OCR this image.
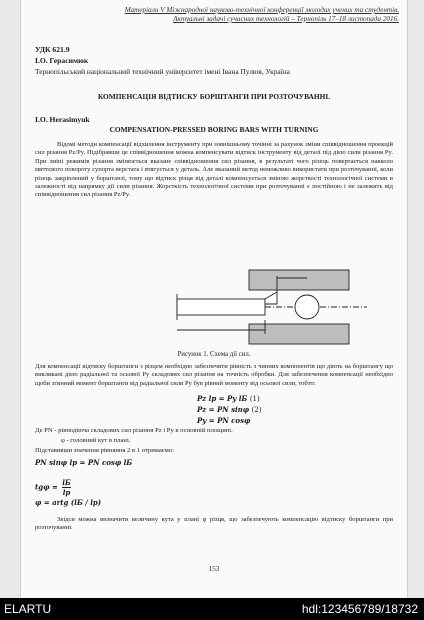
Матеріали V Міжнародної науково-технічної конференції молодих учених та студентів.
Актуальні задачі сучасних технологій – Тернопіль 17–18 листопада 2016.
УДК 621.9
І.О. Герасимюк
Тернопільський національний технічний університет імені Івана Пулюя, Україна
КОМПЕНСАЦІЯ ВІДТИСКУ БОРШТАНГИ ПРИ РОЗТОЧУВАННІ.
I.O. Herasimyuk
COMPENSATION-PRESSED BORING BARS WITH TURNING
Відомі методи компенсації відхилення інструменту при зовнішньому точінні за рахунок зміни співвідношення проекцій сил різання Pz/Py. Підібравши це співвідношення можна компенсувати відтиск інструменту від деталі під дією сили різання Py. При зміні режимів різання змінюється вказане співвідношення сил різання, в результаті чого різець повертається навколо миттєвого повороту супорта верстата і втягується у деталь. Але вказаний метод неможливо використати при розточуванні, коли різець закріплений у борштанзі, тому що відтиск різця від деталі компенсується зміною жорсткості технологічної системи в залежності від напрямку дії сили різання. Жорсткість технологічної системи при розточуванні є постійною і не залежить від співвідношення сил різання Pz/Py.
Рисунок 1. Схема дії сил.
Для компенсації відтиску борштанги з різцем необхідно забезпечити рівність з чинних компонентів що діють на борштангу що викликані дією радіальної та осьової Py складових сил різання на точність обробки. Для забезпечення компенсації необхідно щоби згинний момент борштанги від радіальної сили Py був рівний моменту від осьової сили, тобто:
Pz lp = Py lБ (1)
Pz = PN sinφ (2)
Py = PN cosφ
Де PN - рівнодіюча складових сил різання Pz і Py в основній площині.
φ - головний кут в плані.
Підставивши значення рівняння 2 в 1 отримаємо:
PN sinφ lp = PN cosφ lБ
tgφ = lБ
lp
φ = artg (lБ / lp)
Звідси можна визначити величину кута у плані φ різця, що забезпечують компенсацію відтиску борштанги при розточуванні.
153
ELARTU	hdl:123456789/18732
